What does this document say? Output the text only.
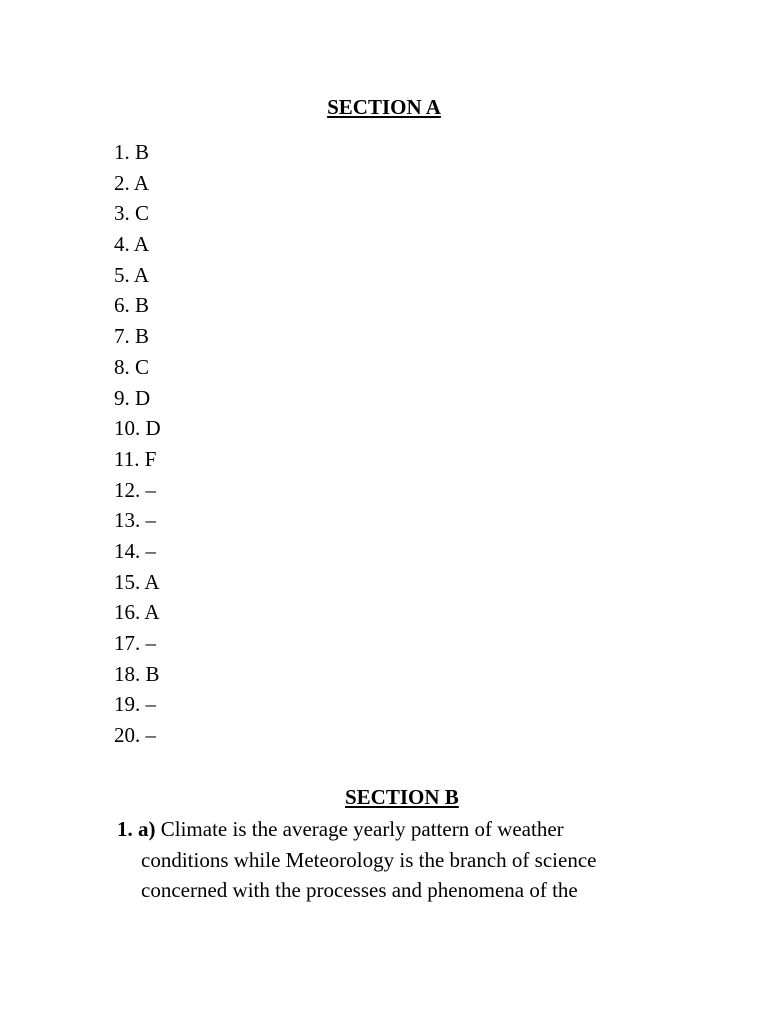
SECTION A
1. B
2. A
3. C
4. A
5. A
6. B
7. B
8. C
9. D
10. D
11. F
12. –
13. –
14. –
15. A
16. A
17. –
18. B
19. –
20. –
SECTION B
1. a) Climate is the average yearly pattern of weather
conditions while Meteorology is the branch of science
concerned with the processes and phenomena of the
